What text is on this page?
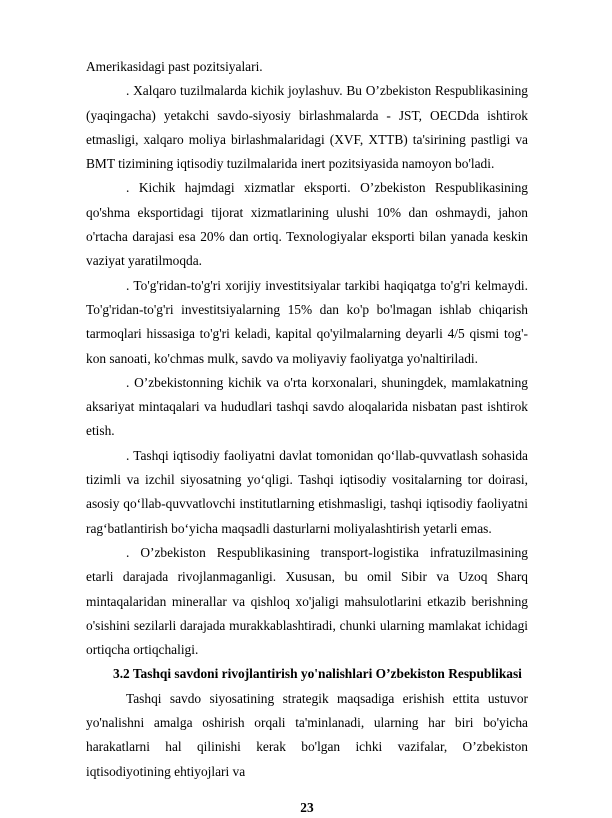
Amerikasidagi past pozitsiyalari.

. Xalqaro tuzilmalarda kichik joylashuv. Bu O’zbekiston Respublikasining (yaqingacha) yetakchi savdo-siyosiy birlashmalarda - JST, OECDda ishtirok etmasligi, xalqaro moliya birlashmalaridagi (XVF, XTTB) ta'sirining pastligi va BMT tizimining iqtisodiy tuzilmalarida inert pozitsiyasida namoyon bo'ladi.

. Kichik hajmdagi xizmatlar eksporti. O’zbekiston Respublikasining qo'shma eksportidagi tijorat xizmatlarining ulushi 10% dan oshmaydi, jahon o'rtacha darajasi esa 20% dan ortiq. Texnologiyalar eksporti bilan yanada keskin vaziyat yaratilmoqda.

. To'g'ridan-to'g'ri xorijiy investitsiyalar tarkibi haqiqatga to'g'ri kelmaydi. To'g'ridan-to'g'ri investitsiyalarning 15% dan ko'p bo'lmagan ishlab chiqarish tarmoqlari hissasiga to'g'ri keladi, kapital qo'yilmalarning deyarli 4/5 qismi tog'-kon sanoati, ko'chmas mulk, savdo va moliyaviy faoliyatga yo'naltiriladi.

. O’zbekistonning kichik va o'rta korxonalari, shuningdek, mamlakatning aksariyat mintaqalari va hududlari tashqi savdo aloqalarida nisbatan past ishtirok etish.

. Tashqi iqtisodiy faoliyatni davlat tomonidan qo‘llab-quvvatlash sohasida tizimli va izchil siyosatning yo‘qligi. Tashqi iqtisodiy vositalarning tor doirasi, asosiy qo‘llab-quvvatlovchi institutlarning etishmasligi, tashqi iqtisodiy faoliyatni rag‘batlantirish bo‘yicha maqsadli dasturlarni moliyalashtirish yetarli emas.

. O’zbekiston Respublikasining transport-logistika infratuzilmasining etarli darajada rivojlanmaganligi. Xususan, bu omil Sibir va Uzoq Sharq mintaqalaridan minerallar va qishloq xo'jaligi mahsulotlarini etkazib berishning o'sishini sezilarli darajada murakkablashtiradi, chunki ularning mamlakat ichidagi ortiqcha ortiqchaligi.

3.2 Tashqi savdoni rivojlantirish yo'nalishlari O’zbekiston Respublikasi

Tashqi savdo siyosatining strategik maqsadiga erishish ettita ustuvor yo'nalishni amalga oshirish orqali ta'minlanadi, ularning har biri bo'yicha harakatlarni hal qilinishi kerak bo'lgan ichki vazifalar, O’zbekiston iqtisodiyotining ehtiyojlari va

23
